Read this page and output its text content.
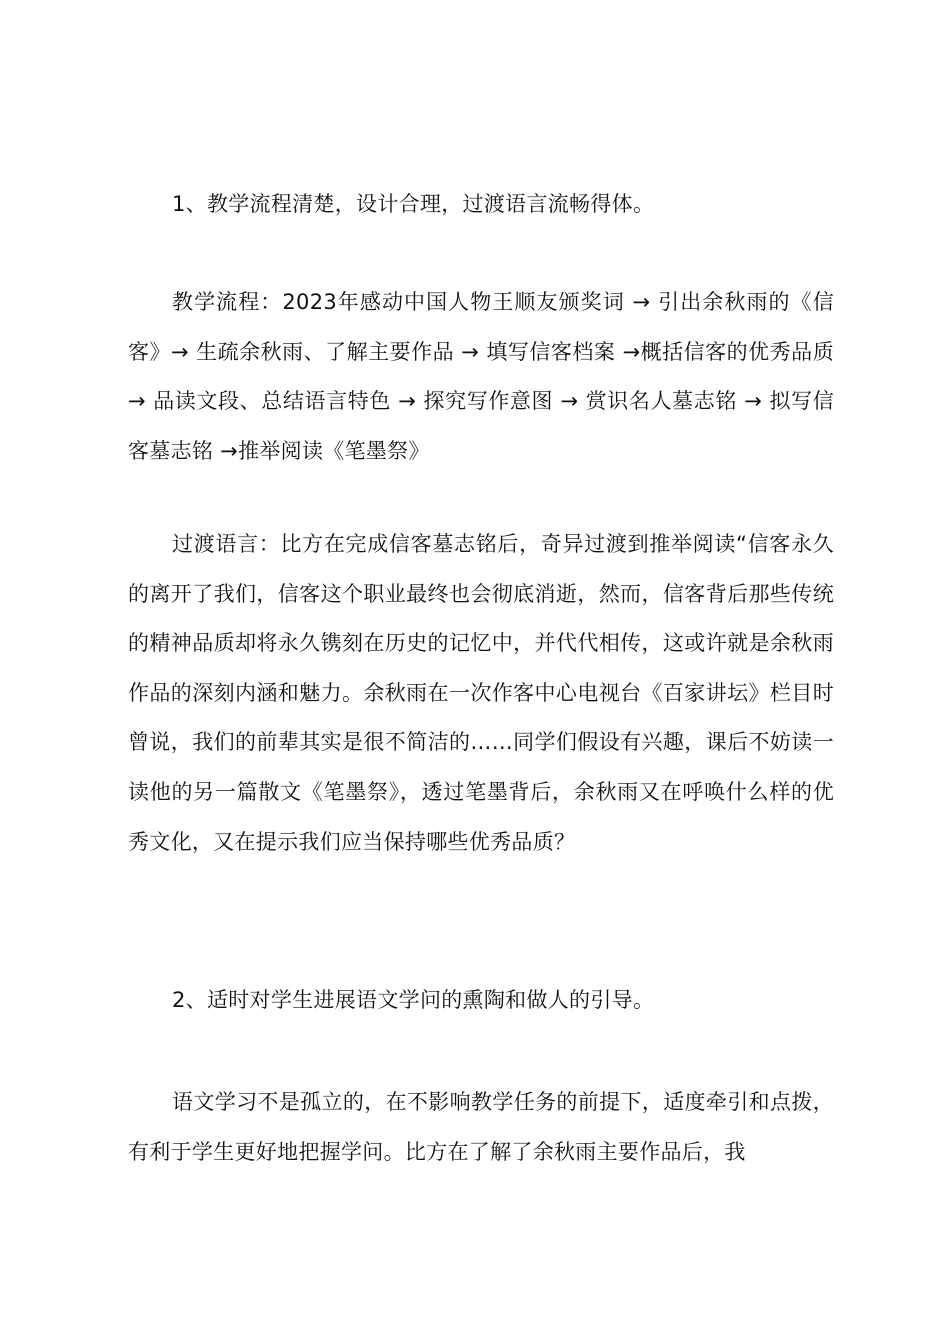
1、教学流程清楚，设计合理，过渡语言流畅得体。

教学流程：2023年感动中国人物王顺友颁奖词 → 引出余秋雨的《信客》→ 生疏余秋雨、了解主要作品 → 填写信客档案 →概括信客的优秀品质 → 品读文段、总结语言特色 → 探究写作意图 → 赏识名人墓志铭 → 拟写信客墓志铭 →推举阅读《笔墨祭》

过渡语言：比方在完成信客墓志铭后，奇异过渡到推举阅读“信客永久的离开了我们，信客这个职业最终也会彻底消逝，然而，信客背后那些传统的精神品质却将永久镌刻在历史的记忆中，并代代相传，这或许就是余秋雨作品的深刻内涵和魅力。余秋雨在一次作客中心电视台《百家讲坛》栏目时曾说，我们的前辈其实是很不简洁的……同学们假设有兴趣，课后不妨读一读他的另一篇散文《笔墨祭》，透过笔墨背后，余秋雨又在呼唤什么样的优秀文化，又在提示我们应当保持哪些优秀品质？

2、适时对学生进展语文学问的熏陶和做人的引导。

语文学习不是孤立的，在不影响教学任务的前提下，适度牵引和点拨，有利于学生更好地把握学问。比方在了解了余秋雨主要作品后，我
